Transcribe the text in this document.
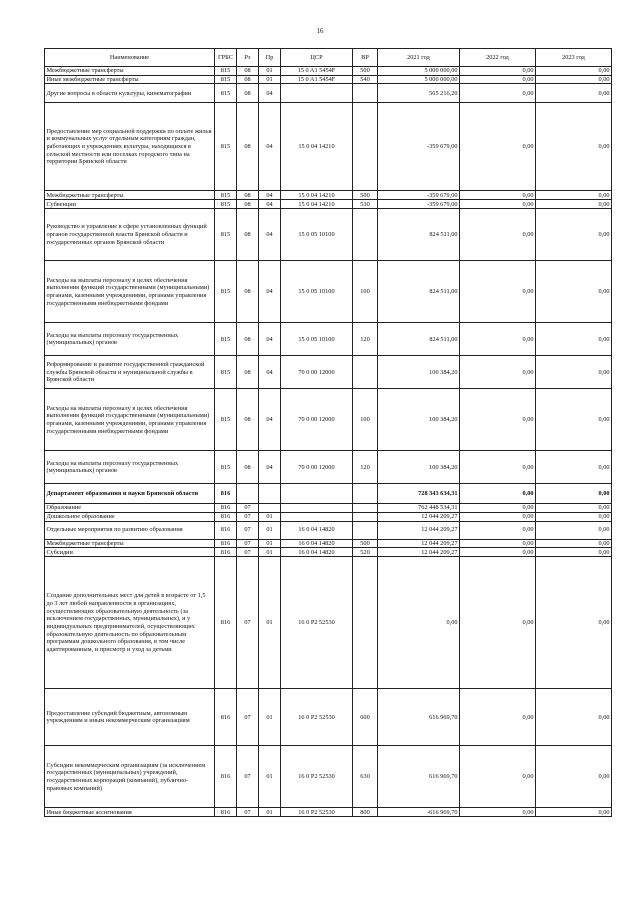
16
Наименование	ГРБС	Рз	Пр	ЦСР	ВР	2021 год	2022 год	2023 год
Межбюджетные трансферты	815	08	01	15 0 A1 5454F	500	5 000 000,00	0,00	0,00
Иные межбюджетные трансферты	815	08	01	15 0 A1 5454F	540	5 000 000,00	0,00	0,00
Другие вопросы в области культуры, кинематографии	815	08	04			565 216,20	0,00	0,00
Предоставление мер социальной поддержки по оплате жилья и коммунальных услуг отдельным категориям граждан, работающих в учреждениях культуры, находящихся в сельской местности или поселках городского типа на территории Брянской области	815	08	04	15 0 04 14210		-359 679,00	0,00	0,00
Межбюджетные трансферты	815	08	04	15 0 04 14210	500	-359 679,00	0,00	0,00
Субвенции	815	08	04	15 0 04 14210	530	-359 679,00	0,00	0,00
Руководство и управление в сфере установленных функций органов государственной власти Брянской области и государственных органов Брянской области	815	08	04	15 0 05 10100		824 511,00	0,00	0,00
Расходы на выплаты персоналу в целях обеспечения выполнения функций государственными (муниципальными) органами, казенными учреждениями, органами управления государственными внебюджетными фондами	815	08	04	15 0 05 10100	100	824 511,00	0,00	0,00
Расходы на выплаты персоналу государственных (муниципальных) органов	815	08	04	15 0 05 10100	120	824 511,00	0,00	0,00
Реформирование и развитие государственной гражданской службы Брянской области и муниципальной службы в Брянской области	815	08	04	70 0 00 12000		100 384,20	0,00	0,00
Расходы на выплаты персоналу в целях обеспечения выполнения функций государственными (муниципальными) органами, казенными учреждениями, органами управления государственными внебюджетными фондами	815	08	04	70 0 00 12000	100	100 384,20	0,00	0,00
Расходы на выплаты персоналу государственных (муниципальных) органов	815	08	04	70 0 00 12000	120	100 384,20	0,00	0,00
Департамент образования и науки Брянской области	816					728 343 634,31	0,00	0,00
Образование	816	07				762 448 534,31	0,00	0,00
Дошкольное образование	816	07	01			12 044 209,27	0,00	0,00
Отдельные мероприятия по развитию образования	816	07	01	16 0 04 14820		12 044 209,27	0,00	0,00
Межбюджетные трансферты	816	07	01	16 0 04 14820	500	12 044 209,27	0,00	0,00
Субсидии	816	07	01	16 0 04 14820	520	12 044 209,27	0,00	0,00
Создание дополнительных мест для детей в возрасте от 1,5 до 3 лет любой направленности в организациях, осуществляющих образовательную деятельность (за исключением государственных, муниципальных), и у индивидуальных предпринимателей, осуществляющих образовательную деятельность по образовательным программам дошкольного образования, в том числе адаптированным, и присмотр и уход за детьми	816	07	01	16 0 P2 52530		0,00	0,00	0,00
Предоставление субсидий бюджетным, автономным учреждениям и иным некоммерческим организациям	816	07	01	16 0 P2 52530	600	616 969,70	0,00	0,00
Субсидии некоммерческим организациям (за исключением государственных (муниципальных) учреждений, государственных корпораций (компаний), публично-правовых компаний)	816	07	01	16 0 P2 52530	630	616 969,70	0,00	0,00
Иные бюджетные ассигнования	816	07	01	16 0 P2 52530	800	-616 969,70	0,00	0,00
